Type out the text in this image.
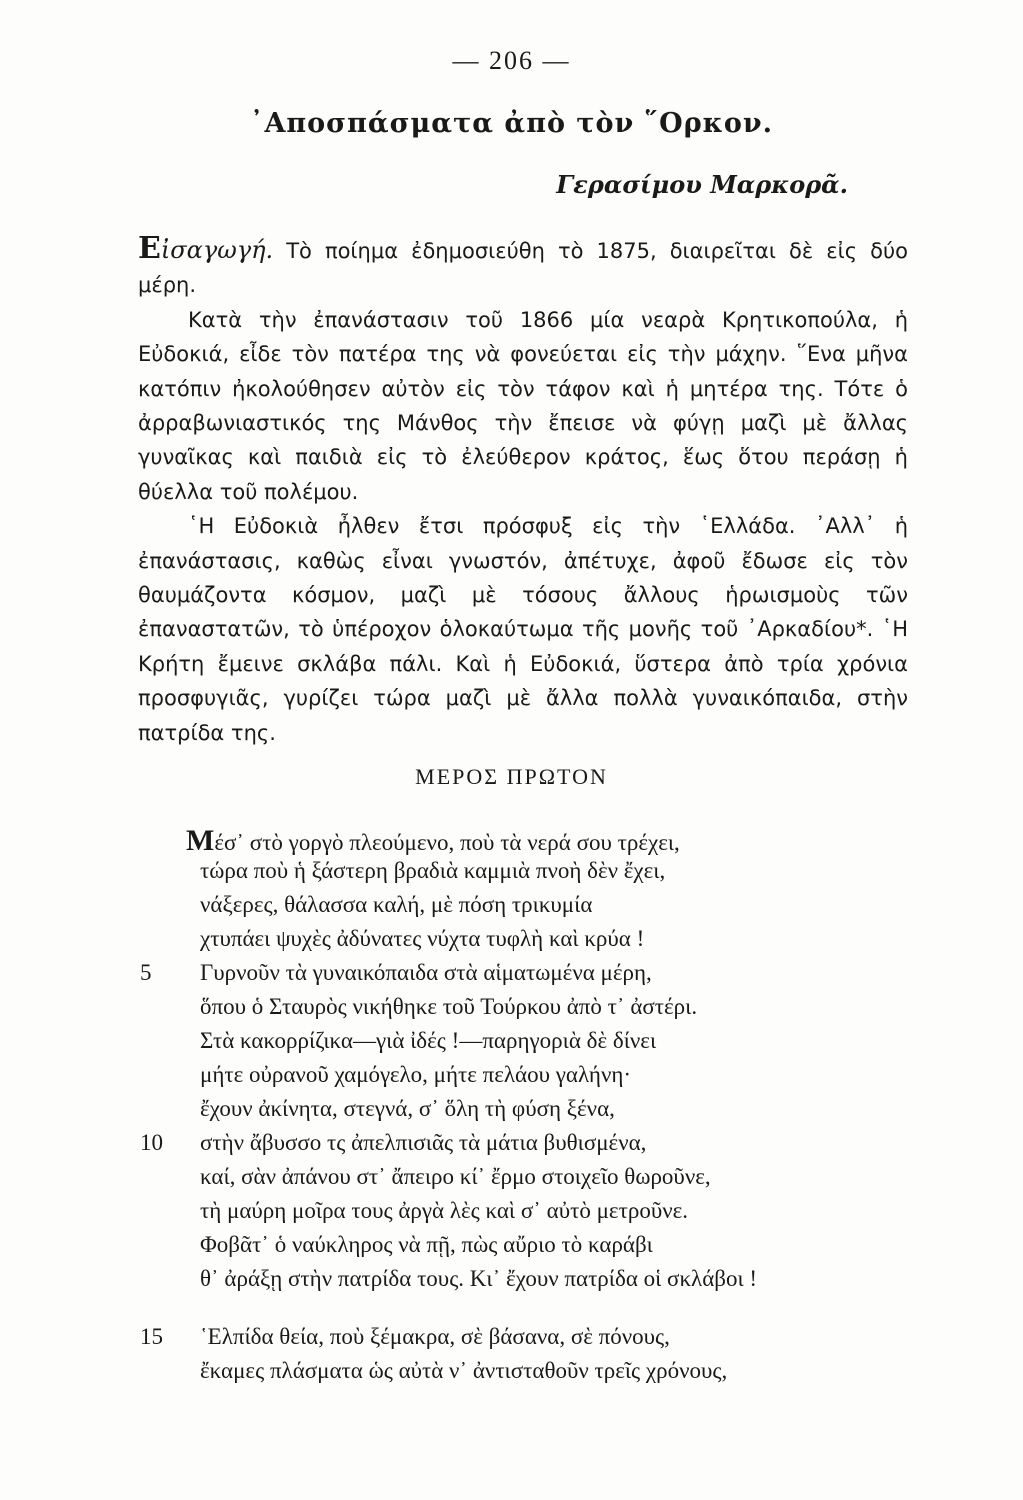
— 206 —
᾿Αποσπάσματα ἀπὸ τὸν ῞Ορκον.
Γερασίμου Μαρκορᾶ.

Εἰσαγωγή. Τὸ ποίημα ἐδημοσιεύθη τὸ 1875, διαιρεῖται δὲ εἰς δύο μέρη.

Κατὰ τὴν ἐπανάστασιν τοῦ 1866 μία νεαρὰ Κρητικοπούλα, ἡ Εὐδοκιά, εἶδε τὸν πατέρα της νὰ φονεύεται εἰς τὴν μάχην. ῞Ενα μῆνα κατόπιν ἠκολούθησεν αὐτὸν εἰς τὸν τάφον καὶ ἡ μητέρα της. Τότε ὁ ἀρραβωνιαστικός της Μάνθος τὴν ἔπεισε νὰ φύγῃ μαζὶ μὲ ἄλλας γυναῖκας καὶ παιδιὰ εἰς τὸ ἐλεύθερον κράτος, ἕως ὅτου περάσῃ ἡ θύελλα τοῦ πολέμου.

῾Η Εὐδοκιὰ ἦλθεν ἔτσι πρόσφυξ εἰς τὴν ῾Ελλάδα. ᾿Αλλ᾿ ἡ ἐπανάστασις, καθὼς εἶναι γνωστόν, ἀπέτυχε, ἀφοῦ ἔδωσε εἰς τὸν θαυμάζοντα κόσμον, μαζὶ μὲ τόσους ἄλλους ἡρωισμοὺς τῶν ἐπαναστατῶν, τὸ ὑπέροχον ὁλοκαύτωμα τῆς μονῆς τοῦ ᾿Αρκαδίου*. ῾Η Κρήτη ἔμεινε σκλάβα πάλι. Καὶ ἡ Εὐδοκιά, ὕστερα ἀπὸ τρία χρόνια προσφυγιᾶς, γυρίζει τώρα μαζὶ μὲ ἄλλα πολλὰ γυναικόπαιδα, στὴν πατρίδα της.

ΜΕΡΟΣ ΠΡΩΤΟΝ
Μέσ᾿ στὸ γοργὸ πλεούμενο, ποὺ τὰ νερά σου τρέχει,
τώρα ποὺ ἡ ξάστερη βραδιὰ καμμιὰ πνοὴ δὲν ἔχει,
νάξερες, θάλασσα καλή, μὲ πόση τρικυμία
χτυπάει ψυχὲς ἀδύνατες νύχτα τυφλὴ καὶ κρύα !
5	Γυρνοῦν τὰ γυναικόπαιδα στὰ αἱματωμένα μέρη,
ὅπου ὁ Σταυρὸς νικήθηκε τοῦ Τούρκου ἀπὸ τ᾿ ἀστέρι.
Στὰ κακορρίζικα—γιὰ ἰδές !—παρηγοριὰ δὲ δίνει
μήτε οὐρανοῦ χαμόγελο, μήτε πελάου γαλήνη·
ἔχουν ἀκίνητα, στεγνά, σ᾿ ὅλη τὴ φύση ξένα,
10	στὴν ἄβυσσο τς ἀπελπισιᾶς τὰ μάτια βυθισμένα,
καί, σὰν ἀπάνου στ᾿ ἄπειρο κί᾿ ἔρμο στοιχεῖο θωροῦνε,
τὴ μαύρη μοῖρα τους ἀργὰ λὲς καὶ σ᾿ αὐτὸ μετροῦνε.
Φοβᾶτ᾿ ὁ ναύκληρος νὰ πῇ, πὼς αὔριο τὸ καράβι
θ᾿ ἀράξῃ στὴν πατρίδα τους. Κι᾿ ἔχουν πατρίδα οἱ σκλάβοι !
15	῾Ελπίδα θεία, ποὺ ξέμακρα, σὲ βάσανα, σὲ πόνους,
ἔκαμες πλάσματα ὡς αὐτὰ ν᾿ ἀντισταθοῦν τρεῖς χρόνους,
